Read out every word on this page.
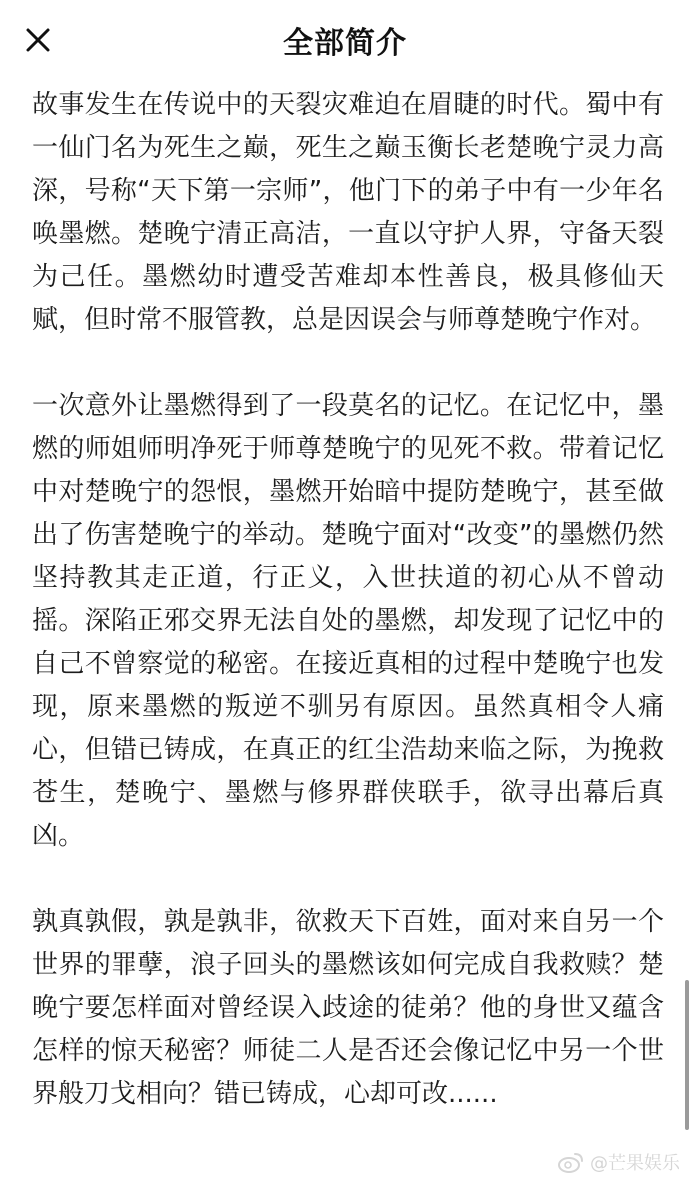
全部简介

故事发生在传说中的天裂灾难迫在眉睫的时代。蜀中有一仙门名为死生之巅，死生之巅玉衡长老楚晚宁灵力高深，号称“天下第一宗师”，他门下的弟子中有一少年名唤墨燃。楚晚宁清正高洁，一直以守护人界，守备天裂为己任。墨燃幼时遭受苦难却本性善良，极具修仙天赋，但时常不服管教，总是因误会与师尊楚晚宁作对。

一次意外让墨燃得到了一段莫名的记忆。在记忆中，墨燃的师姐师明净死于师尊楚晚宁的见死不救。带着记忆中对楚晚宁的怨恨，墨燃开始暗中提防楚晚宁，甚至做出了伤害楚晚宁的举动。楚晚宁面对“改变”的墨燃仍然坚持教其走正道，行正义，入世扶道的初心从不曾动摇。深陷正邪交界无法自处的墨燃，却发现了记忆中的自己不曾察觉的秘密。在接近真相的过程中楚晚宁也发现，原来墨燃的叛逆不驯另有原因。虽然真相令人痛心，但错已铸成，在真正的红尘浩劫来临之际，为挽救苍生，楚晚宁、墨燃与修界群侠联手，欲寻出幕后真凶。

孰真孰假，孰是孰非，欲救天下百姓，面对来自另一个世界的罪孽，浪子回头的墨燃该如何完成自我救赎？楚晚宁要怎样面对曾经误入歧途的徒弟？他的身世又蕴含怎样的惊天秘密？师徒二人是否还会像记忆中另一个世界般刀戈相向？错已铸成，心却可改......

@芒果娱乐
